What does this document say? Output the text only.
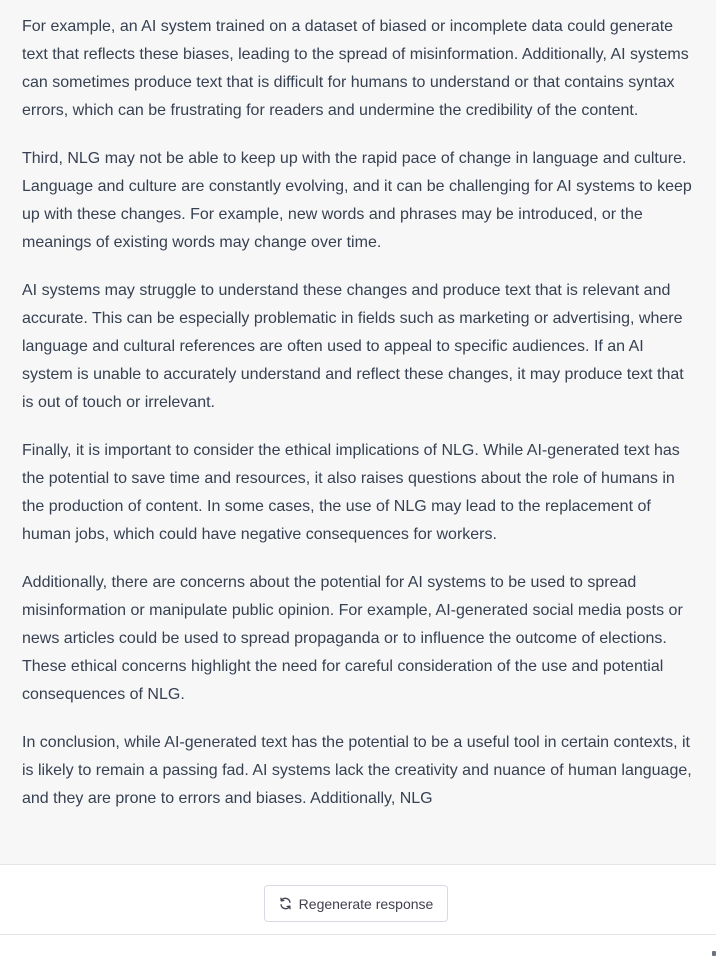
For example, an AI system trained on a dataset of biased or incomplete data could generate text that reflects these biases, leading to the spread of misinformation. Additionally, AI systems can sometimes produce text that is difficult for humans to understand or that contains syntax errors, which can be frustrating for readers and undermine the credibility of the content.

Third, NLG may not be able to keep up with the rapid pace of change in language and culture. Language and culture are constantly evolving, and it can be challenging for AI systems to keep up with these changes. For example, new words and phrases may be introduced, or the meanings of existing words may change over time.

AI systems may struggle to understand these changes and produce text that is relevant and accurate. This can be especially problematic in fields such as marketing or advertising, where language and cultural references are often used to appeal to specific audiences. If an AI system is unable to accurately understand and reflect these changes, it may produce text that is out of touch or irrelevant.

Finally, it is important to consider the ethical implications of NLG. While AI-generated text has the potential to save time and resources, it also raises questions about the role of humans in the production of content. In some cases, the use of NLG may lead to the replacement of human jobs, which could have negative consequences for workers.

Additionally, there are concerns about the potential for AI systems to be used to spread misinformation or manipulate public opinion. For example, AI-generated social media posts or news articles could be used to spread propaganda or to influence the outcome of elections. These ethical concerns highlight the need for careful consideration of the use and potential consequences of NLG.

In conclusion, while AI-generated text has the potential to be a useful tool in certain contexts, it is likely to remain a passing fad. AI systems lack the creativity and nuance of human language, and they are prone to errors and biases. Additionally, NLG

Regenerate response
